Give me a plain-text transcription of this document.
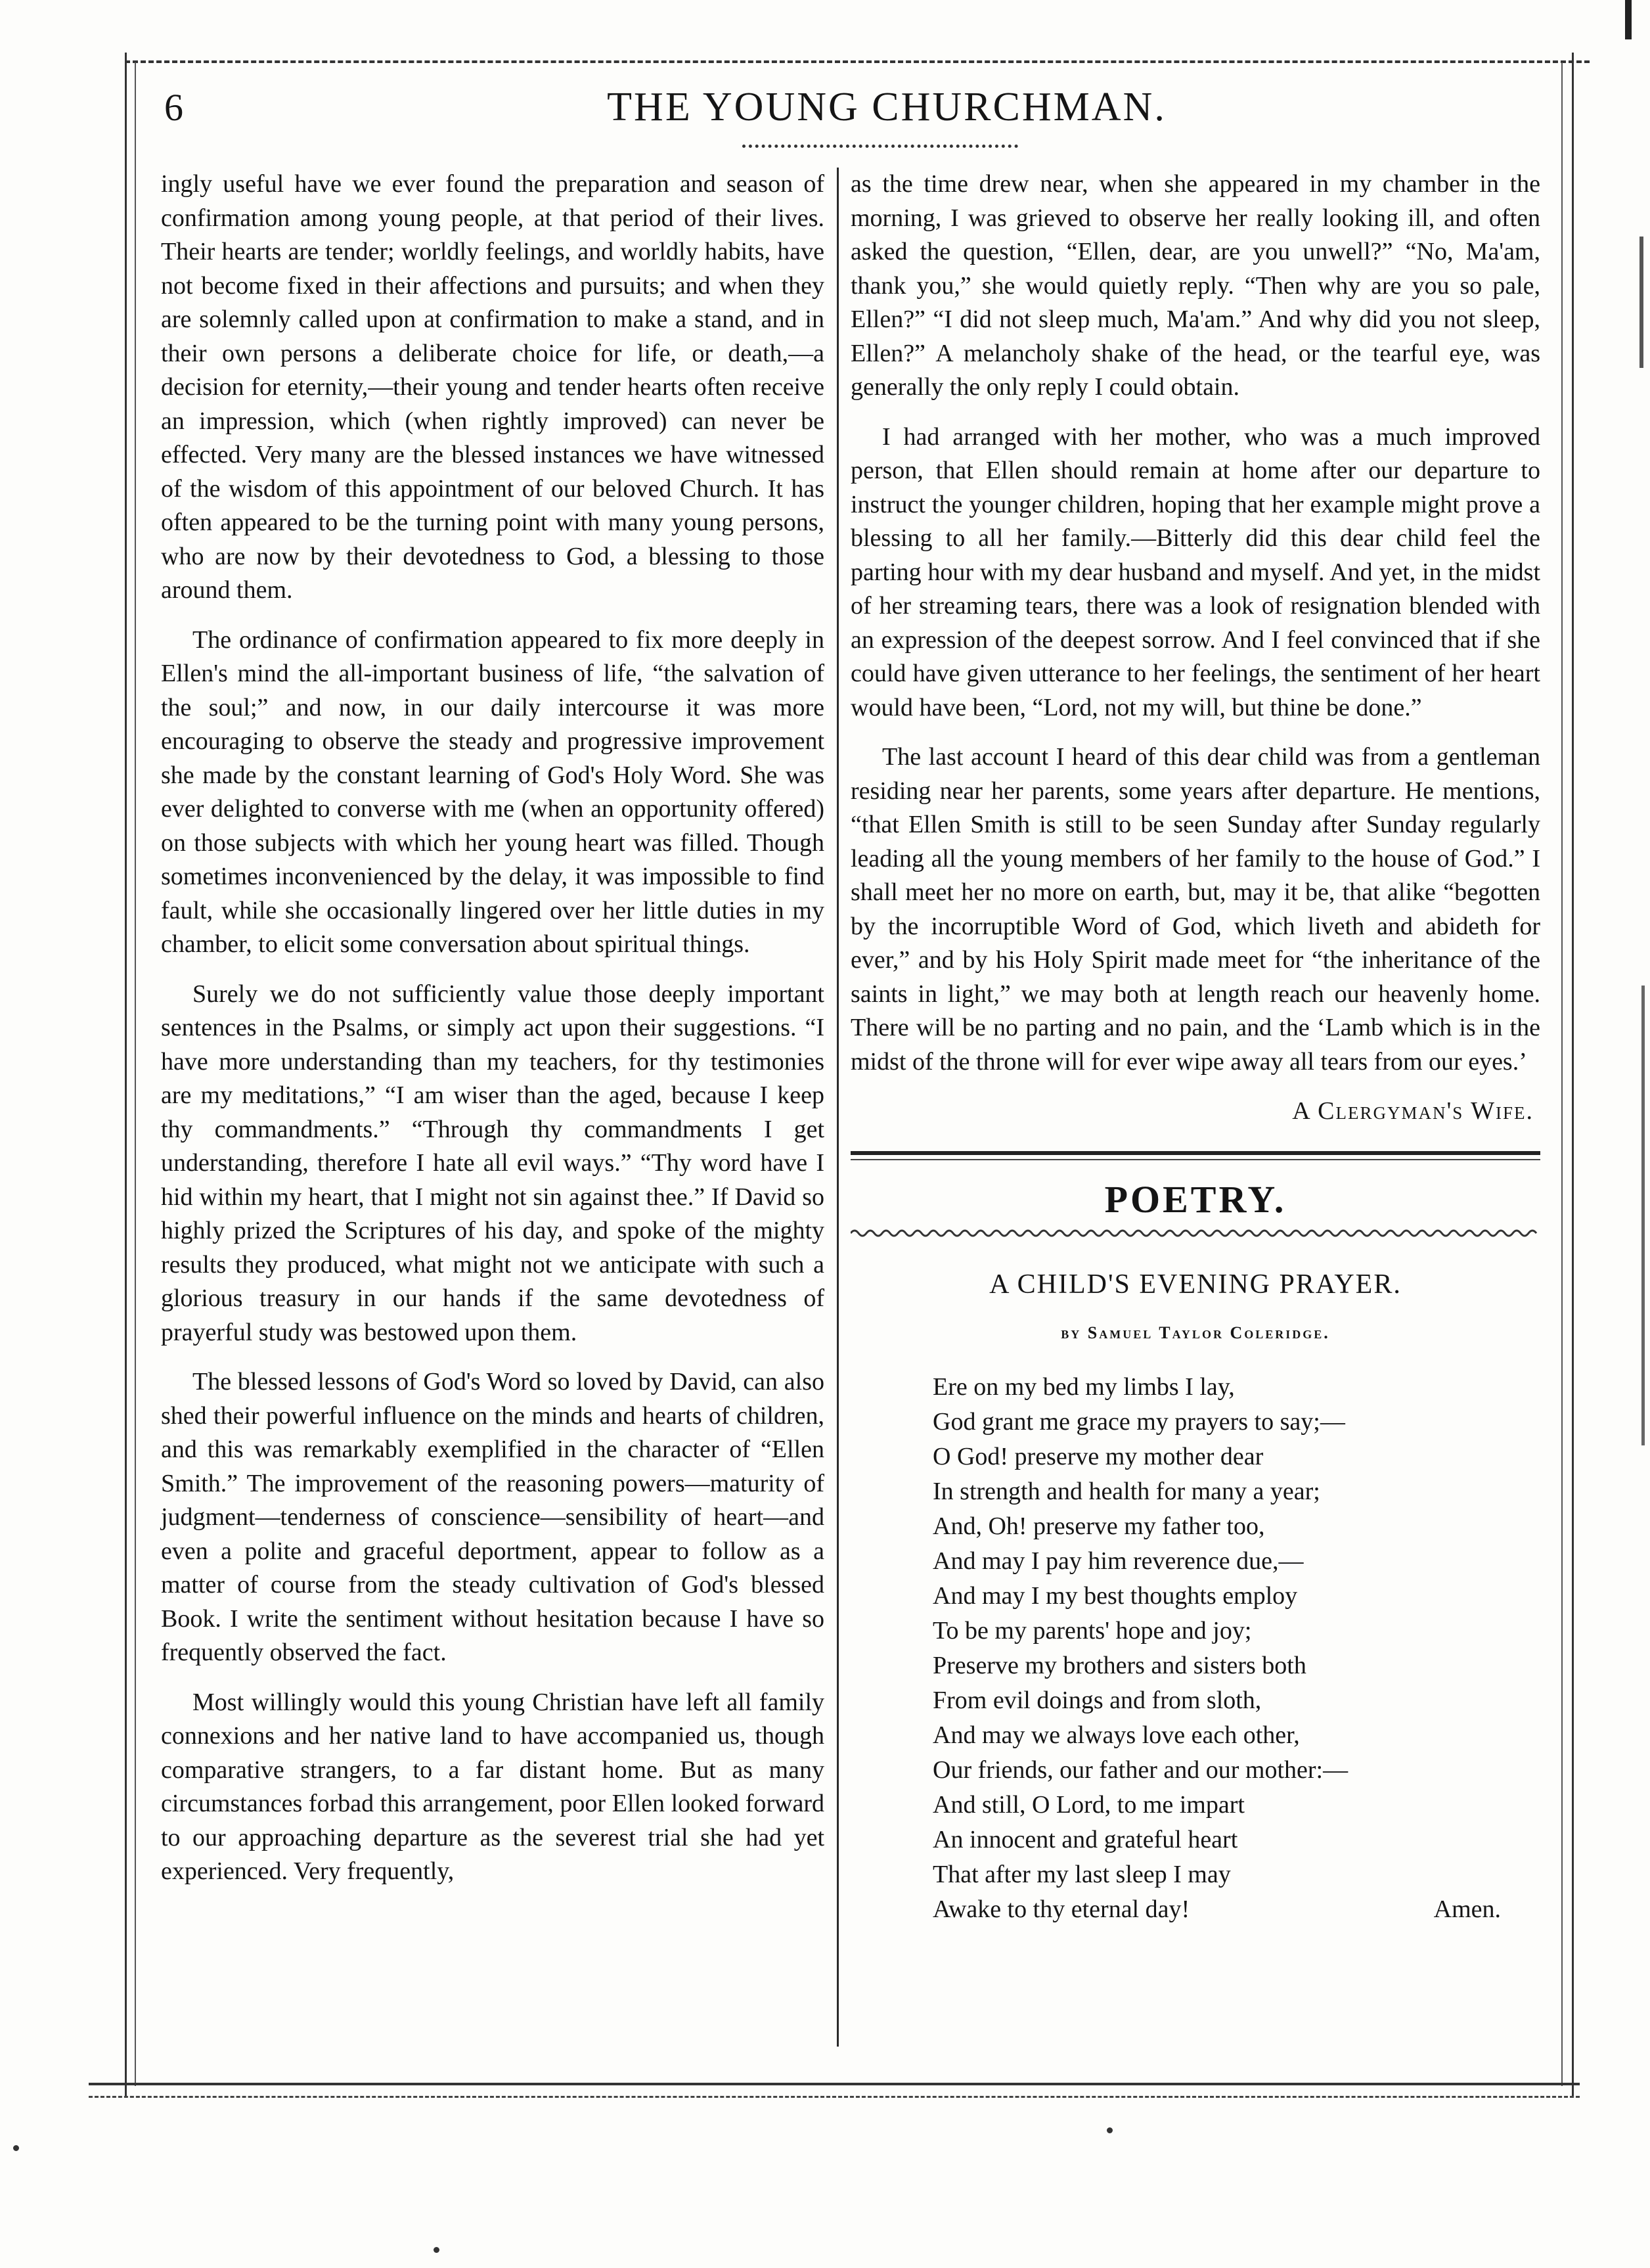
6	THE YOUNG CHURCHMAN.

ingly useful have we ever found the preparation and season of confirmation among young people, at that period of their lives. Their hearts are tender; worldly feelings, and worldly habits, have not become fixed in their affections and pursuits; and when they are solemnly called upon at confirmation to make a stand, and in their own persons a deliberate choice for life, or death,—a decision for eternity,—their young and tender hearts often receive an impression, which (when rightly improved) can never be effected. Very many are the blessed instances we have witnessed of the wisdom of this appointment of our beloved Church. It has often appeared to be the turning point with many young persons, who are now by their devotedness to God, a blessing to those around them.

The ordinance of confirmation appeared to fix more deeply in Ellen's mind the all-important business of life, “the salvation of the soul;” and now, in our daily intercourse it was more encouraging to observe the steady and progressive improvement she made by the constant learning of God's Holy Word. She was ever delighted to converse with me (when an opportunity offered) on those subjects with which her young heart was filled. Though sometimes inconvenienced by the delay, it was impossible to find fault, while she occasionally lingered over her little duties in my chamber, to elicit some conversation about spiritual things.

Surely we do not sufficiently value those deeply important sentences in the Psalms, or simply act upon their suggestions. “I have more understanding than my teachers, for thy testimonies are my meditations,” “I am wiser than the aged, because I keep thy commandments.” “Through thy commandments I get understanding, therefore I hate all evil ways.” “Thy word have I hid within my heart, that I might not sin against thee.” If David so highly prized the Scriptures of his day, and spoke of the mighty results they produced, what might not we anticipate with such a glorious treasury in our hands if the same devotedness of prayerful study was bestowed upon them.

The blessed lessons of God's Word so loved by David, can also shed their powerful influence on the minds and hearts of children, and this was remarkably exemplified in the character of “Ellen Smith.” The improvement of the reasoning powers—maturity of judgment—tenderness of conscience—sensibility of heart—and even a polite and graceful deportment, appear to follow as a matter of course from the steady cultivation of God's blessed Book. I write the sentiment without hesitation because I have so frequently observed the fact.

Most willingly would this young Christian have left all family connexions and her native land to have accompanied us, though comparative strangers, to a far distant home. But as many circumstances forbad this arrangement, poor Ellen looked forward to our approaching departure as the severest trial she had yet experienced. Very frequently,

as the time drew near, when she appeared in my chamber in the morning, I was grieved to observe her really looking ill, and often asked the question, “Ellen, dear, are you unwell?” “No, Ma'am, thank you,” she would quietly reply. “Then why are you so pale, Ellen?” “I did not sleep much, Ma'am.” And why did you not sleep, Ellen?” A melancholy shake of the head, or the tearful eye, was generally the only reply I could obtain.

I had arranged with her mother, who was a much improved person, that Ellen should remain at home after our departure to instruct the younger children, hoping that her example might prove a blessing to all her family.—Bitterly did this dear child feel the parting hour with my dear husband and myself. And yet, in the midst of her streaming tears, there was a look of resignation blended with an expression of the deepest sorrow. And I feel convinced that if she could have given utterance to her feelings, the sentiment of her heart would have been, “Lord, not my will, but thine be done.”

The last account I heard of this dear child was from a gentleman residing near her parents, some years after departure. He mentions, “that Ellen Smith is still to be seen Sunday after Sunday regularly leading all the young members of her family to the house of God.” I shall meet her no more on earth, but, may it be, that alike “begotten by the incorruptible Word of God, which liveth and abideth for ever,” and by his Holy Spirit made meet for “the inheritance of the saints in light,” we may both at length reach our heavenly home. There will be no parting and no pain, and the ‘Lamb which is in the midst of the throne will for ever wipe away all tears from our eyes.’

A Clergyman's Wife.
POETRY.
A CHILD'S EVENING PRAYER.
by Samuel Taylor Coleridge.
Ere on my bed my limbs I lay,
God grant me grace my prayers to say;—
O God! preserve my mother dear
In strength and health for many a year;
And, Oh! preserve my father too,
And may I pay him reverence due,—
And may I my best thoughts employ
To be my parents' hope and joy;
Preserve my brothers and sisters both
From evil doings and from sloth,
And may we always love each other,
Our friends, our father and our mother:—
And still, O Lord, to me impart
An innocent and grateful heart
That after my last sleep I may
Awake to thy eternal day!	Amen.
